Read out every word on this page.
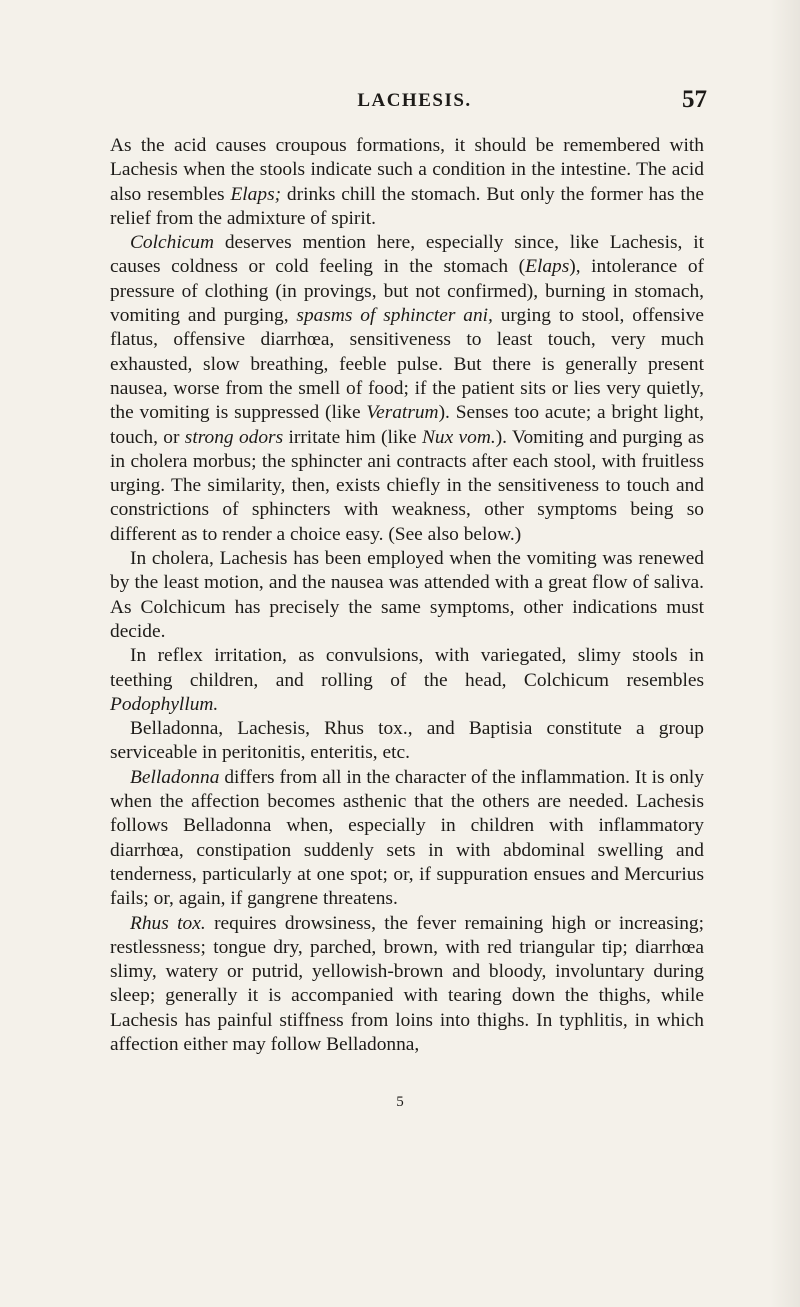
LACHESIS.	57

As the acid causes croupous formations, it should be remembered with Lachesis when the stools indicate such a condition in the intestine. The acid also resembles Elaps; drinks chill the stomach. But only the former has the relief from the admixture of spirit.

Colchicum deserves mention here, especially since, like Lachesis, it causes coldness or cold feeling in the stomach (Elaps), intolerance of pressure of clothing (in provings, but not confirmed), burning in stomach, vomiting and purging, spasms of sphincter ani, urging to stool, offensive flatus, offensive diarrhœa, sensitiveness to least touch, very much exhausted, slow breathing, feeble pulse. But there is generally present nausea, worse from the smell of food; if the patient sits or lies very quietly, the vomiting is suppressed (like Veratrum). Senses too acute; a bright light, touch, or strong odors irritate him (like Nux vom.). Vomiting and purging as in cholera morbus; the sphincter ani contracts after each stool, with fruitless urging. The similarity, then, exists chiefly in the sensitiveness to touch and constrictions of sphincters with weakness, other symptoms being so different as to render a choice easy. (See also below.)

In cholera, Lachesis has been employed when the vomiting was renewed by the least motion, and the nausea was attended with a great flow of saliva. As Colchicum has precisely the same symptoms, other indications must decide.

In reflex irritation, as convulsions, with variegated, slimy stools in teething children, and rolling of the head, Colchicum resembles Podophyllum.

Belladonna, Lachesis, Rhus tox., and Baptisia constitute a group serviceable in peritonitis, enteritis, etc.

Belladonna differs from all in the character of the inflammation. It is only when the affection becomes asthenic that the others are needed. Lachesis follows Belladonna when, especially in children with inflammatory diarrhœa, constipation suddenly sets in with abdominal swelling and tenderness, particularly at one spot; or, if suppuration ensues and Mercurius fails; or, again, if gangrene threatens.

Rhus tox. requires drowsiness, the fever remaining high or increasing; restlessness; tongue dry, parched, brown, with red triangular tip; diarrhœa slimy, watery or putrid, yellowish-brown and bloody, involuntary during sleep; generally it is accompanied with tearing down the thighs, while Lachesis has painful stiffness from loins into thighs. In typhlitis, in which affection either may follow Belladonna,

5
